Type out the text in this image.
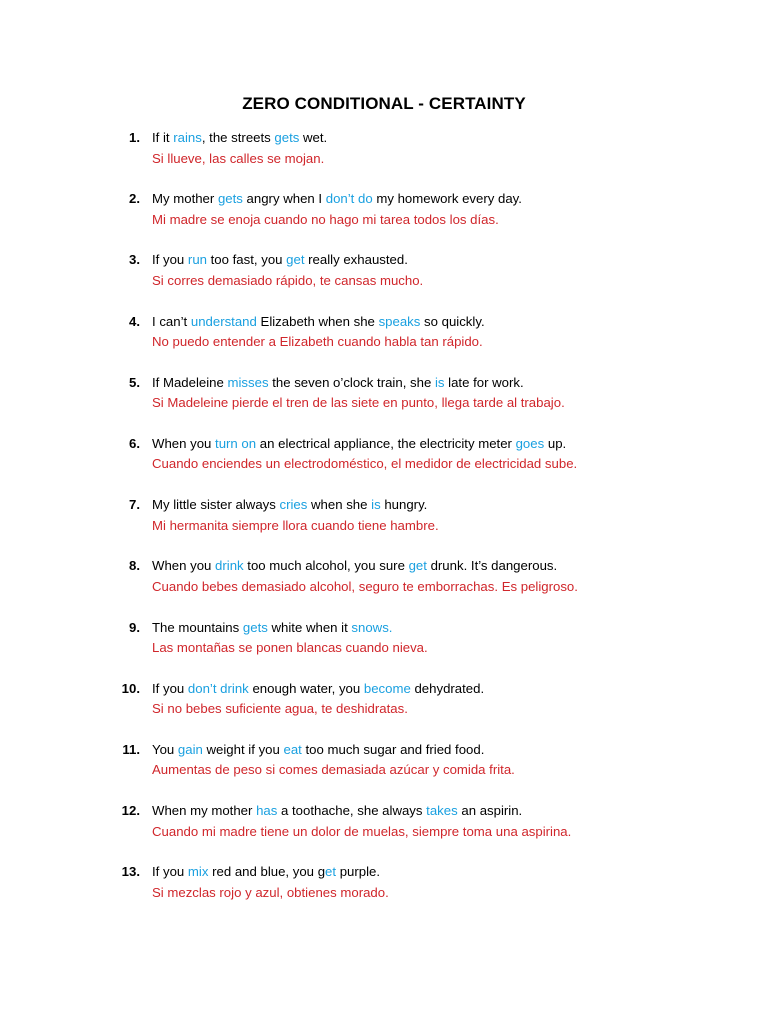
ZERO CONDITIONAL - CERTAINTY
1. If it rains, the streets gets wet.
Si llueve, las calles se mojan.
2. My mother gets angry when I don’t do my homework every day.
Mi madre se enoja cuando no hago mi tarea todos los días.
3. If you run too fast, you get really exhausted.
Si corres demasiado rápido, te cansas mucho.
4. I can’t understand Elizabeth when she speaks so quickly.
No puedo entender a Elizabeth cuando habla tan rápido.
5. If Madeleine misses the seven o’clock train, she is late for work.
Si Madeleine pierde el tren de las siete en punto, llega tarde al trabajo.
6. When you turn on an electrical appliance, the electricity meter goes up.
Cuando enciendes un electrodoméstico, el medidor de electricidad sube.
7. My little sister always cries when she is hungry.
Mi hermanita siempre llora cuando tiene hambre.
8. When you drink too much alcohol, you sure get drunk. It’s dangerous.
Cuando bebes demasiado alcohol, seguro te emborrachas. Es peligroso.
9. The mountains gets white when it snows.
Las montañas se ponen blancas cuando nieva.
10. If you don’t drink enough water, you become dehydrated.
Si no bebes suficiente agua, te deshidratas.
11. You gain weight if you eat too much sugar and fried food.
Aumentas de peso si comes demasiada azúcar y comida frita.
12. When my mother has a toothache, she always takes an aspirin.
Cuando mi madre tiene un dolor de muelas, siempre toma una aspirina.
13. If you mix red and blue, you get purple.
Si mezclas rojo y azul, obtienes morado.
